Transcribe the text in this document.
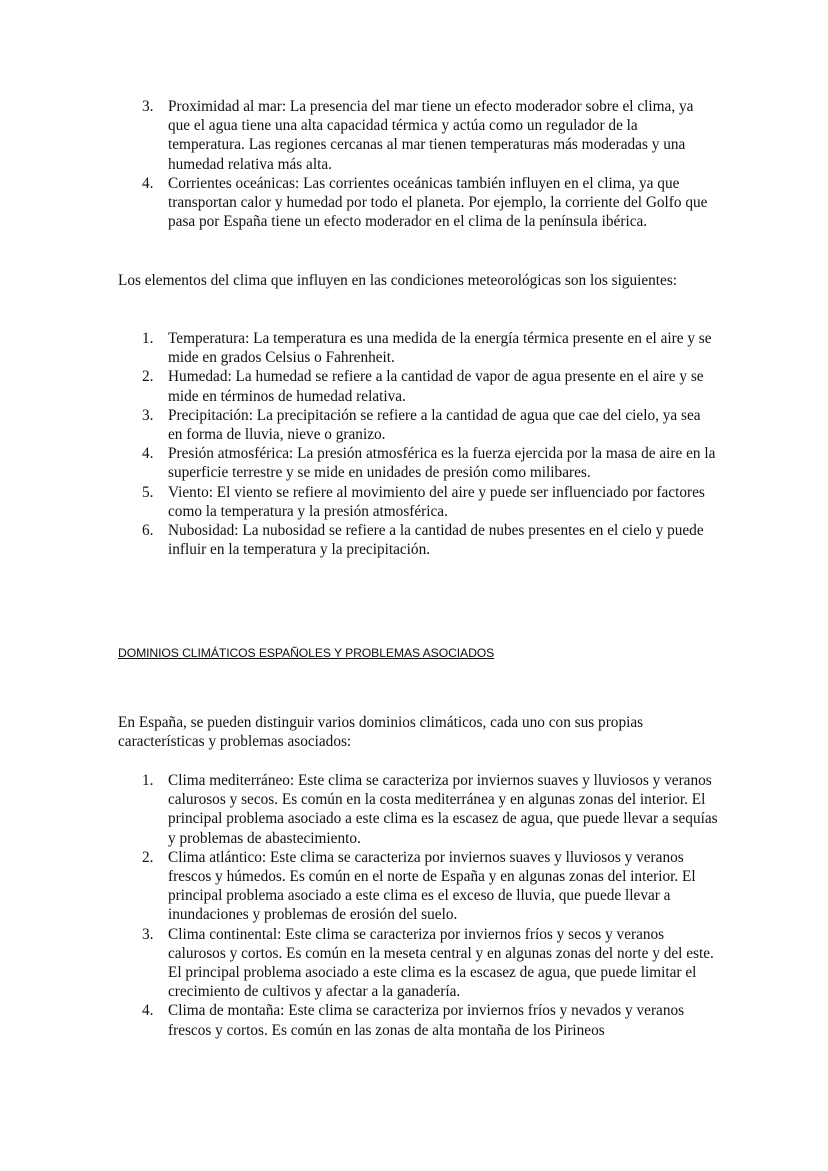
3. Proximidad al mar: La presencia del mar tiene un efecto moderador sobre el clima, ya que el agua tiene una alta capacidad térmica y actúa como un regulador de la temperatura. Las regiones cercanas al mar tienen temperaturas más moderadas y una humedad relativa más alta.
4. Corrientes oceánicas: Las corrientes oceánicas también influyen en el clima, ya que transportan calor y humedad por todo el planeta. Por ejemplo, la corriente del Golfo que pasa por España tiene un efecto moderador en el clima de la península ibérica.

Los elementos del clima que influyen en las condiciones meteorológicas son los siguientes:

1. Temperatura: La temperatura es una medida de la energía térmica presente en el aire y se mide en grados Celsius o Fahrenheit.
2. Humedad: La humedad se refiere a la cantidad de vapor de agua presente en el aire y se mide en términos de humedad relativa.
3. Precipitación: La precipitación se refiere a la cantidad de agua que cae del cielo, ya sea en forma de lluvia, nieve o granizo.
4. Presión atmosférica: La presión atmosférica es la fuerza ejercida por la masa de aire en la superficie terrestre y se mide en unidades de presión como milibares.
5. Viento: El viento se refiere al movimiento del aire y puede ser influenciado por factores como la temperatura y la presión atmosférica.
6. Nubosidad: La nubosidad se refiere a la cantidad de nubes presentes en el cielo y puede influir en la temperatura y la precipitación.
DOMINIOS CLIMÁTICOS ESPAÑOLES Y PROBLEMAS ASOCIADOS

En España, se pueden distinguir varios dominios climáticos, cada uno con sus propias características y problemas asociados:

1. Clima mediterráneo: Este clima se caracteriza por inviernos suaves y lluviosos y veranos calurosos y secos. Es común en la costa mediterránea y en algunas zonas del interior. El principal problema asociado a este clima es la escasez de agua, que puede llevar a sequías y problemas de abastecimiento.
2. Clima atlántico: Este clima se caracteriza por inviernos suaves y lluviosos y veranos frescos y húmedos. Es común en el norte de España y en algunas zonas del interior. El principal problema asociado a este clima es el exceso de lluvia, que puede llevar a inundaciones y problemas de erosión del suelo.
3. Clima continental: Este clima se caracteriza por inviernos fríos y secos y veranos calurosos y cortos. Es común en la meseta central y en algunas zonas del norte y del este. El principal problema asociado a este clima es la escasez de agua, que puede limitar el crecimiento de cultivos y afectar a la ganadería.
4. Clima de montaña: Este clima se caracteriza por inviernos fríos y nevados y veranos frescos y cortos. Es común en las zonas de alta montaña de los Pirineos
